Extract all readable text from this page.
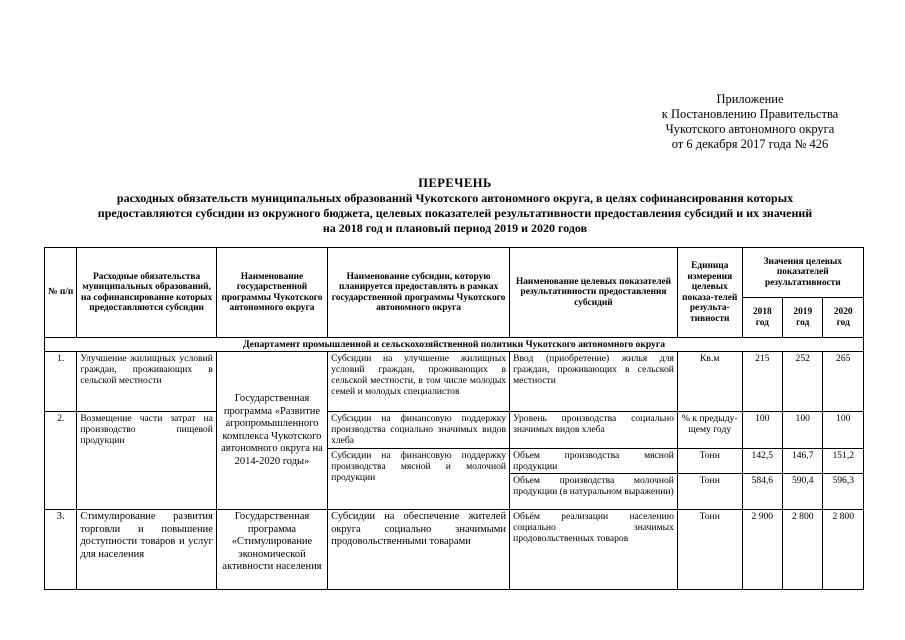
Приложение
к Постановлению Правительства
Чукотского автономного округа
от 6 декабря 2017 года № 426
ПЕРЕЧЕНЬ
расходных обязательств муниципальных образований Чукотского автономного округа, в целях софинансирования которых
предоставляются субсидии из окружного бюджета, целевых показателей результативности предоставления субсидий и их значений
на 2018 год и плановый период 2019 и 2020 годов
№ п/п	Расходные обязательства муниципальных образований, на софинансирование которых предоставляются субсидии	Наименование государственной программы Чукотского автономного округа	Наименование субсидии, которую планируется предоставлять в рамках государственной программы Чукотского автономного округа	Наименование целевых показателей результативности предоставления субсидий	Единица измерения целевых показа-телей результа-тивности	Значения целевых показателей результативности		
						2018 год	2019 год	2020 год
Департамент промышленной и сельскохозяйственной политики Чукотского автономного округа								
1.	Улучшение жилищных условий граждан, проживающих в сельской местности	Государственная программа «Развитие агропромышленного комплекса Чукотского автономного округа на 2014-2020 годы»	Субсидии на улучшение жилищных условий граждан, проживающих в сельской местности, в том числе молодых семей и молодых специалистов	Ввод (приобретение) жилья для граждан, проживающих в сельской местности	Кв.м	215	252	265
2.	Возмещение части затрат на производство пищевой продукции		Субсидии на финансовую поддержку производства социально значимых видов хлеба	Уровень производства социально значимых видов хлеба	% к предыду-щему году	100	100	100
			Субсидии на финансовую поддержку производства мясной и молочной продукции	Объем производства мясной продукции	Тонн	142,5	146,7	151,2
				Объем производства молочной продукции (в натуральном выражении)	Тонн	584,6	590,4	596,3
3.	Стимулирование развития торговли и повышение доступности товаров и услуг для населения	Государственная программа «Стимулирование экономической активности населения	Субсидии на обеспечение жителей округа социально значимыми продовольственными товарами	Объём реализации населению социально значимых продовольственных товаров	Тонн	2 900	2 800	2 800
